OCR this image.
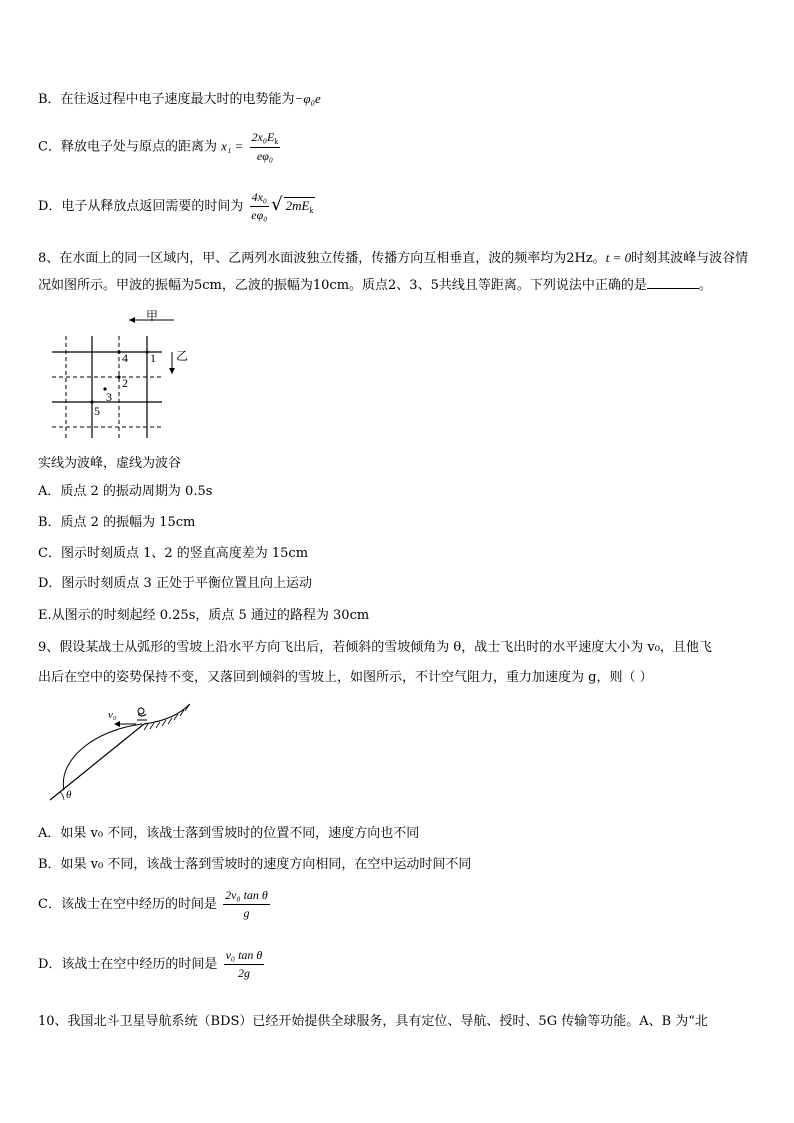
B．在往返过程中电子速度最大时的电势能为−φ₀e
C．释放电子处与原点的距离为 $x_1 = \frac{2x_0E_k}{\text{eφ₀}}$
D．电子从释放点返回需要的时间为 $\frac{\text{4x₀}}{\text{eφ₀}}$ √ $2mE_k$
8、在水面上的同一区域内，甲、乙两列水面波独立传播，传播方向互相垂直，波的频率均为2Hz。t = 0时刻其波峰与波谷情况如图所示。甲波的振幅为5cm，乙波的振幅为10cm。质点2、3、5共线且等距离。下列说法中正确的是	。
甲
乙
1
2
3
4
5
实线为波峰，虚线为波谷
A．质点 2 的振动周期为 0.5s
B．质点 2 的振幅为 15cm
C．图示时刻质点 1、2 的竖直高度差为 15cm
D．图示时刻质点 3 正处于平衡位置且向上运动
E.从图示的时刻起经 0.25s，质点 5 通过的路程为 30cm
9、假设某战士从弧形的雪坡上沿水平方向飞出后，若倾斜的雪坡倾角为 θ，战士飞出时的水平速度大小为 v₀，且他飞
出后在空中的姿势保持不变，又落回到倾斜的雪坡上，如图所示，不计空气阻力，重力加速度为 g，则（ ）
v₀
θ
A．如果 v₀ 不同，该战士落到雪坡时的位置不同，速度方向也不同
B．如果 v₀ 不同，该战士落到雪坡时的速度方向相同，在空中运动时间不同
C．该战士在空中经历的时间是 $\frac{\text{2v₀ tan θ}}{g}$
D．该战士在空中经历的时间是 $\frac{\text{v₀ tan θ}}{2g}$
10、我国北斗卫星导航系统（BDS）已经开始提供全球服务，具有定位、导航、授时、5G 传输等功能。A、B 为“北
